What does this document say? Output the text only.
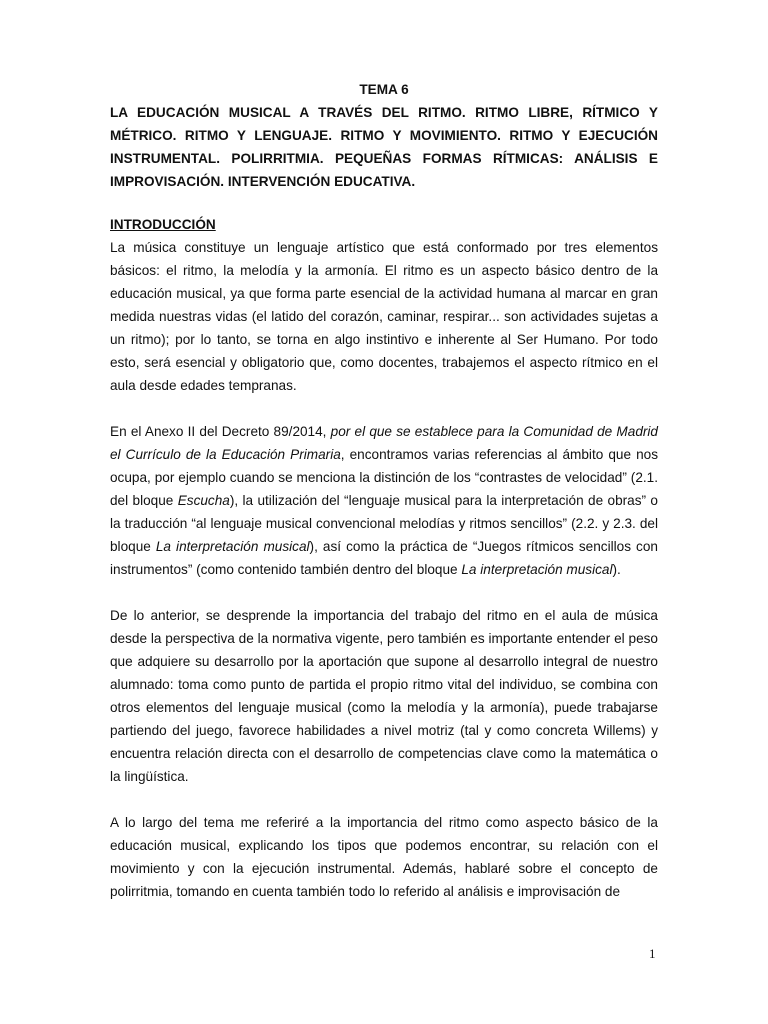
TEMA 6

LA EDUCACIÓN MUSICAL A TRAVÉS DEL RITMO. RITMO LIBRE, RÍTMICO Y MÉTRICO. RITMO Y LENGUAJE. RITMO Y MOVIMIENTO. RITMO Y EJECUCIÓN INSTRUMENTAL. POLIRRITMIA. PEQUEÑAS FORMAS RÍTMICAS: ANÁLISIS E IMPROVISACIÓN. INTERVENCIÓN EDUCATIVA.

INTRODUCCIÓN

La música constituye un lenguaje artístico que está conformado por tres elementos básicos: el ritmo, la melodía y la armonía. El ritmo es un aspecto básico dentro de la educación musical, ya que forma parte esencial de la actividad humana al marcar en gran medida nuestras vidas (el latido del corazón, caminar, respirar... son actividades sujetas a un ritmo); por lo tanto, se torna en algo instintivo e inherente al Ser Humano. Por todo esto, será esencial y obligatorio que, como docentes, trabajemos el aspecto rítmico en el aula desde edades tempranas.

En el Anexo II del Decreto 89/2014, por el que se establece para la Comunidad de Madrid el Currículo de la Educación Primaria, encontramos varias referencias al ámbito que nos ocupa, por ejemplo cuando se menciona la distinción de los “contrastes de velocidad” (2.1. del bloque Escucha), la utilización del “lenguaje musical para la interpretación de obras” o la traducción “al lenguaje musical convencional melodías y ritmos sencillos” (2.2. y 2.3. del bloque La interpretación musical), así como la práctica de “Juegos rítmicos sencillos con instrumentos” (como contenido también dentro del bloque La interpretación musical).

De lo anterior, se desprende la importancia del trabajo del ritmo en el aula de música desde la perspectiva de la normativa vigente, pero también es importante entender el peso que adquiere su desarrollo por la aportación que supone al desarrollo integral de nuestro alumnado: toma como punto de partida el propio ritmo vital del individuo, se combina con otros elementos del lenguaje musical (como la melodía y la armonía), puede trabajarse partiendo del juego, favorece habilidades a nivel motriz (tal y como concreta Willems) y encuentra relación directa con el desarrollo de competencias clave como la matemática o la lingüística.

A lo largo del tema me referiré a la importancia del ritmo como aspecto básico de la educación musical, explicando los tipos que podemos encontrar, su relación con el movimiento y con la ejecución instrumental. Además, hablaré sobre el concepto de polirritmia, tomando en cuenta también todo lo referido al análisis e improvisación de

1
